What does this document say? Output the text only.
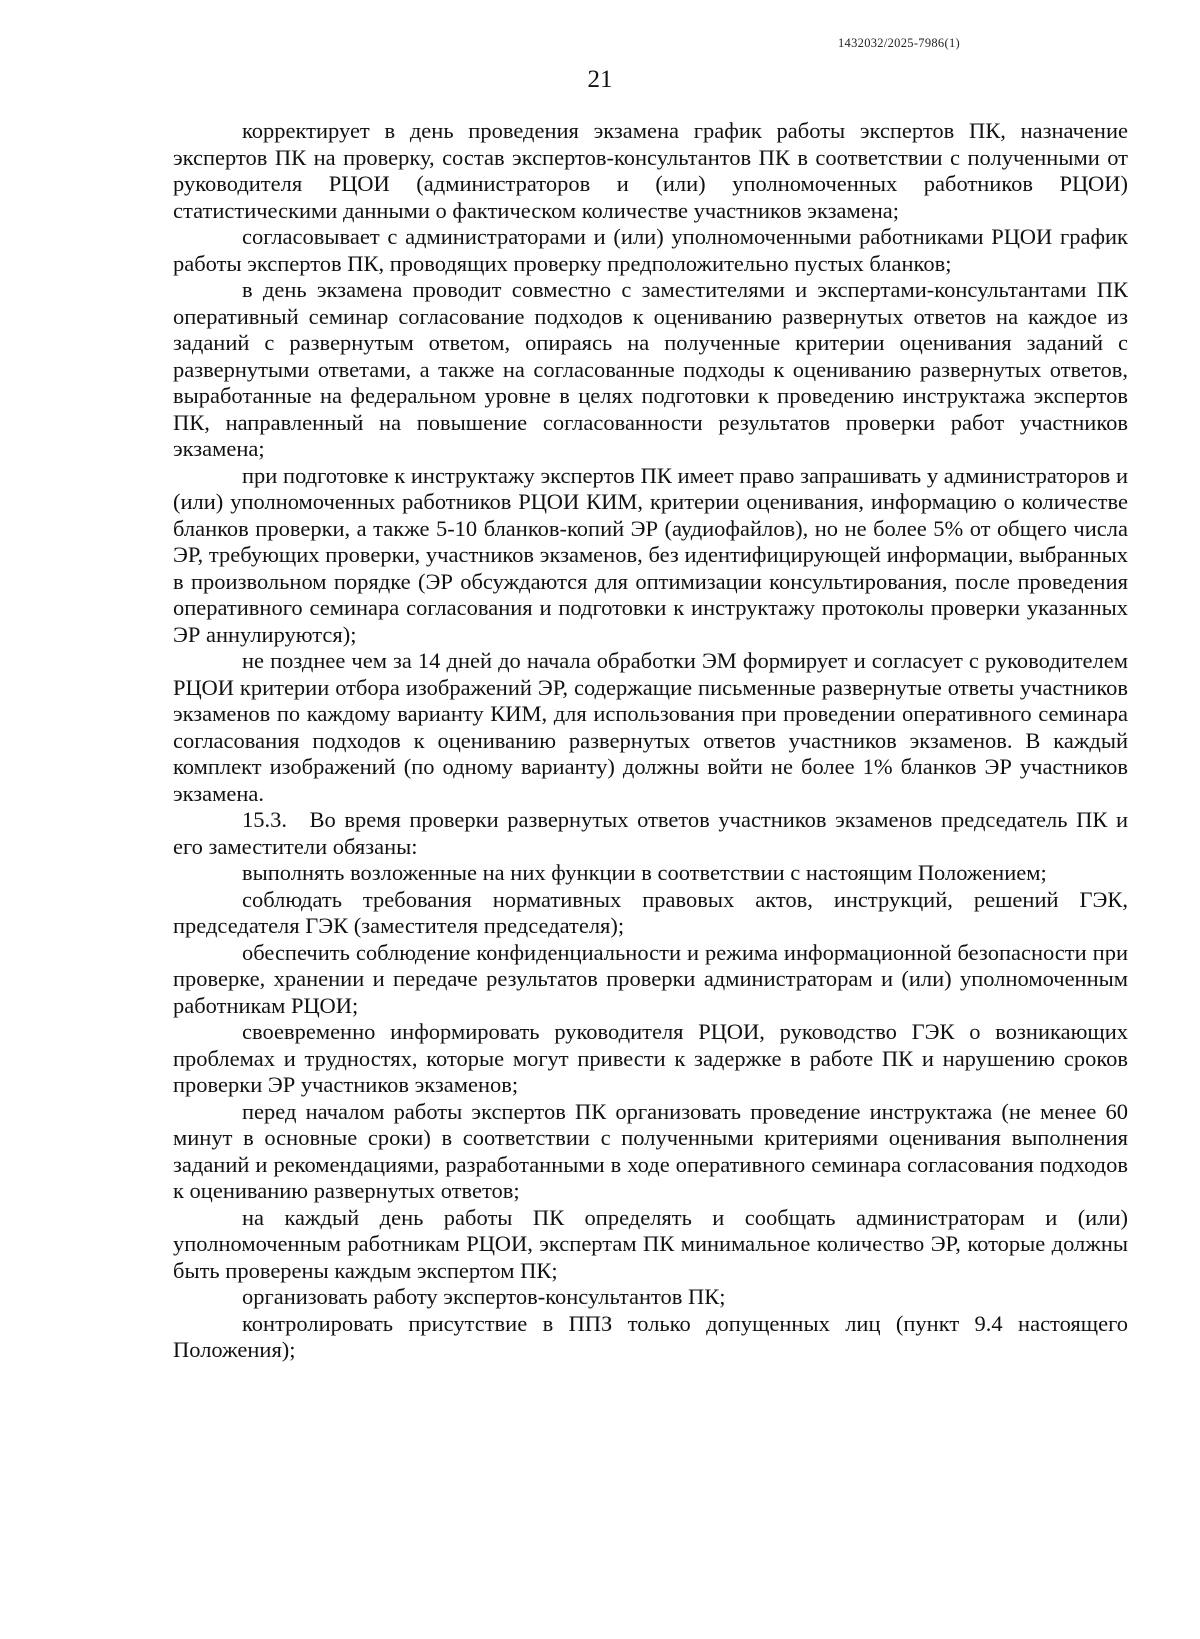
1432032/2025-7986(1)
21

корректирует в день проведения экзамена график работы экспертов ПК, назначение экспертов ПК на проверку, состав экспертов-консультантов ПК в соответствии с полученными от руководителя РЦОИ (администраторов и (или) уполномоченных работников РЦОИ) статистическими данными о фактическом количестве участников экзамена;

согласовывает с администраторами и (или) уполномоченными работниками РЦОИ график работы экспертов ПК, проводящих проверку предположительно пустых бланков;

в день экзамена проводит совместно с заместителями и экспертами-консультантами ПК оперативный семинар согласование подходов к оцениванию развернутых ответов на каждое из заданий с развернутым ответом, опираясь на полученные критерии оценивания заданий с развернутыми ответами, а также на согласованные подходы к оцениванию развернутых ответов, выработанные на федеральном уровне в целях подготовки к проведению инструктажа экспертов ПК, направленный на повышение согласованности результатов проверки работ участников экзамена;

при подготовке к инструктажу экспертов ПК имеет право запрашивать у администраторов и (или) уполномоченных работников РЦОИ КИМ, критерии оценивания, информацию о количестве бланков проверки, а также 5-10 бланков-копий ЭР (аудиофайлов), но не более 5% от общего числа ЭР, требующих проверки, участников экзаменов, без идентифицирующей информации, выбранных в произвольном порядке (ЭР обсуждаются для оптимизации консультирования, после проведения оперативного семинара согласования и подготовки к инструктажу протоколы проверки указанных ЭР аннулируются);

не позднее чем за 14 дней до начала обработки ЭМ формирует и согласует с руководителем РЦОИ критерии отбора изображений ЭР, содержащие письменные развернутые ответы участников экзаменов по каждому варианту КИМ, для использования при проведении оперативного семинара согласования подходов к оцениванию развернутых ответов участников экзаменов. В каждый комплект изображений (по одному варианту) должны войти не более 1% бланков ЭР участников экзамена.

15.3. Во время проверки развернутых ответов участников экзаменов председатель ПК и его заместители обязаны:

выполнять возложенные на них функции в соответствии с настоящим Положением;

соблюдать требования нормативных правовых актов, инструкций, решений ГЭК, председателя ГЭК (заместителя председателя);

обеспечить соблюдение конфиденциальности и режима информационной безопасности при проверке, хранении и передаче результатов проверки администраторам и (или) уполномоченным работникам РЦОИ;

своевременно информировать руководителя РЦОИ, руководство ГЭК о возникающих проблемах и трудностях, которые могут привести к задержке в работе ПК и нарушению сроков проверки ЭР участников экзаменов;

перед началом работы экспертов ПК организовать проведение инструктажа (не менее 60 минут в основные сроки) в соответствии с полученными критериями оценивания выполнения заданий и рекомендациями, разработанными в ходе оперативного семинара согласования подходов к оцениванию развернутых ответов;

на каждый день работы ПК определять и сообщать администраторам и (или) уполномоченным работникам РЦОИ, экспертам ПК минимальное количество ЭР, которые должны быть проверены каждым экспертом ПК;

организовать работу экспертов-консультантов ПК;

контролировать присутствие в ППЗ только допущенных лиц (пункт 9.4 настоящего Положения);
